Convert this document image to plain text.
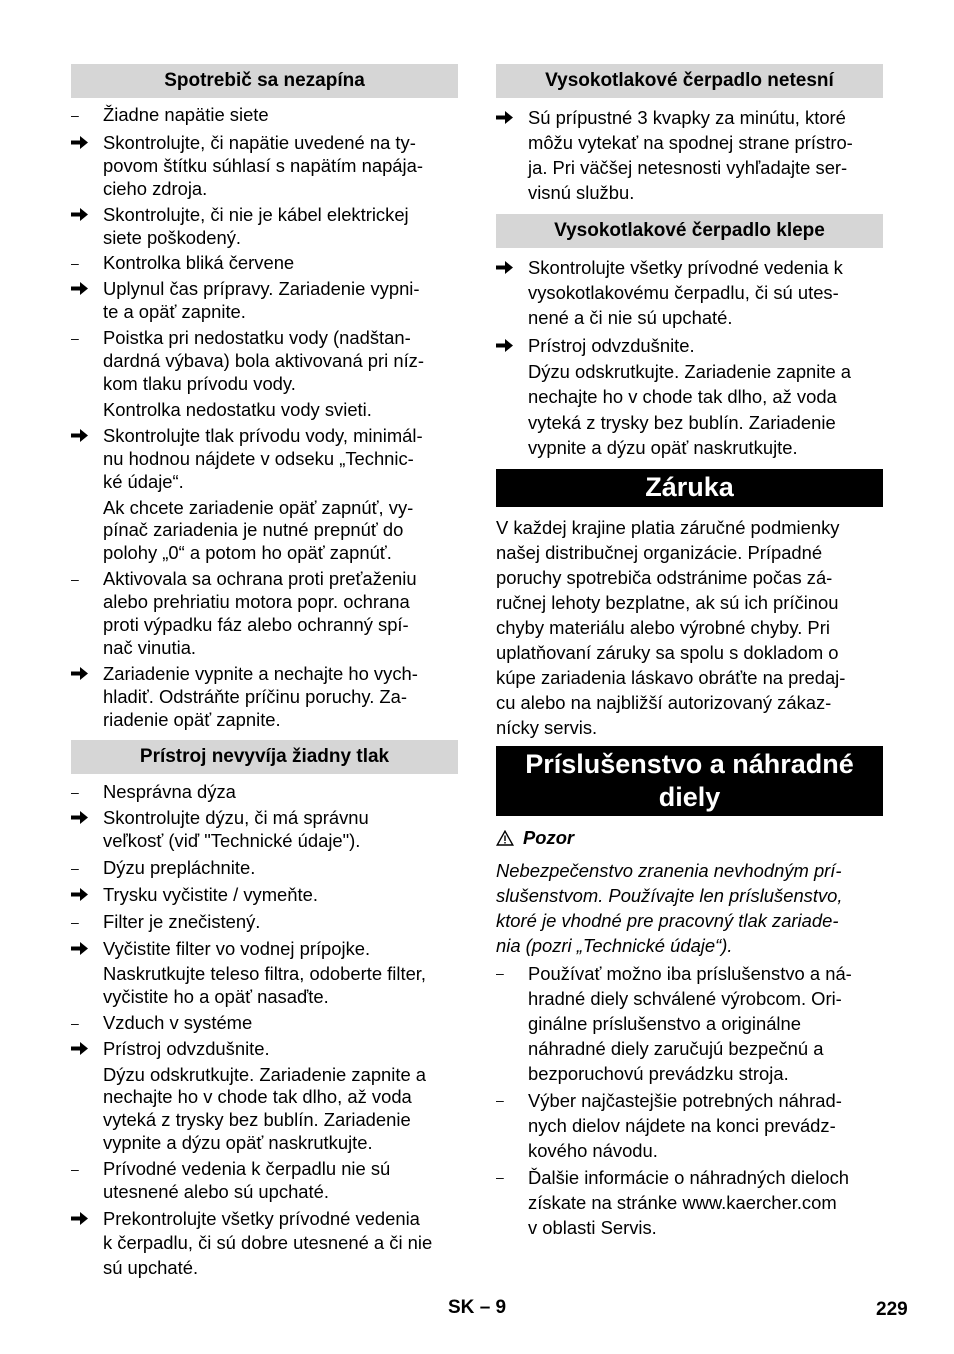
Spotrebič sa nezapína
–
Žiadne napätie siete
Skontrolujte, či napätie uvedené na ty-
povom štítku súhlasí s napätím napája-
cieho zdroja.
Skontrolujte, či nie je kábel elektrickej
siete poškodený.
–
Kontrolka bliká červene
Uplynul čas prípravy. Zariadenie vypni-
te a opäť zapnite.
–
Poistka pri nedostatku vody (nadštan-
dardná výbava) bola aktivovaná pri níz-
kom tlaku prívodu vody.
Kontrolka nedostatku vody svieti.
Skontrolujte tlak prívodu vody, minimál-
nu hodnou nájdete v odseku „Technic-
ké údaje“.
Ak chcete zariadenie opäť zapnúť, vy-
pínač zariadenia je nutné prepnúť do
polohy „0“ a potom ho opäť zapnúť.
–
Aktivovala sa ochrana proti preťaženiu
alebo prehriatiu motora popr. ochrana
proti výpadku fáz alebo ochranný spí-
nač vinutia.
Zariadenie vypnite a nechajte ho vych-
hladiť. Odstráňte príčinu poruchy. Za-
riadenie opäť zapnite.
Prístroj nevyvíja žiadny tlak
–
Nesprávna dýza
Skontrolujte dýzu, či má správnu
veľkosť (viď "Technické údaje").
–
Dýzu prepláchnite.
Trysku vyčistite / vymeňte.
–
Filter je znečistený.
Vyčistite filter vo vodnej prípojke.
Naskrutkujte teleso filtra, odoberte filter,
vyčistite ho a opäť nasaďte.
–
Vzduch v systéme
Prístroj odvzdušnite.
Dýzu odskrutkujte. Zariadenie zapnite a
nechajte ho v chode tak dlho, až voda
vyteká z trysky bez bublín. Zariadenie
vypnite a dýzu opäť naskrutkujte.
–
Prívodné vedenia k čerpadlu nie sú
utesnené alebo sú upchaté.
Prekontrolujte všetky prívodné vedenia
k čerpadlu, či sú dobre utesnené a či nie
sú upchaté.
Vysokotlakové čerpadlo netesní
Sú prípustné 3 kvapky za minútu, ktoré
môžu vytekať na spodnej strane prístro-
ja. Pri väčšej netesnosti vyhľadajte ser-
visnú službu.
Vysokotlakové čerpadlo klepe
Skontrolujte všetky prívodné vedenia k
vysokotlakovému čerpadlu, či sú utes-
nené a či nie sú upchaté.
Prístroj odvzdušnite.
Dýzu odskrutkujte. Zariadenie zapnite a
nechajte ho v chode tak dlho, až voda
vyteká z trysky bez bublín. Zariadenie
vypnite a dýzu opäť naskrutkujte.
Záruka
V každej krajine platia záručné podmienky
našej distribučnej organizácie. Prípadné
poruchy spotrebiča odstránime počas zá-
ručnej lehoty bezplatne, ak sú ich príčinou
chyby materiálu alebo výrobné chyby. Pri
uplatňovaní záruky sa spolu s dokladom o
kúpe zariadenia láskavo obráťte na predaj-
cu alebo na najbližší autorizovaný zákaz-
nícky servis.
Príslušenstvo a náhradné
diely
Pozor
Nebezpečenstvo zranenia nevhodným prí-
slušenstvom. Používajte len príslušenstvo,
ktoré je vhodné pre pracovný tlak zariade-
nia (pozri „Technické údaje“).
–
Používať možno iba príslušenstvo a ná-
hradné diely schválené výrobcom. Ori-
ginálne príslušenstvo a originálne
náhradné diely zaručujú bezpečnú a
bezporuchovú prevádzku stroja.
–
Výber najčastejšie potrebných náhrad-
nych dielov nájdete na konci prevádz-
kového návodu.
–
Ďalšie informácie o náhradných dieloch
získate na stránke www.kaercher.com
v oblasti Servis.
SK – 9	229
